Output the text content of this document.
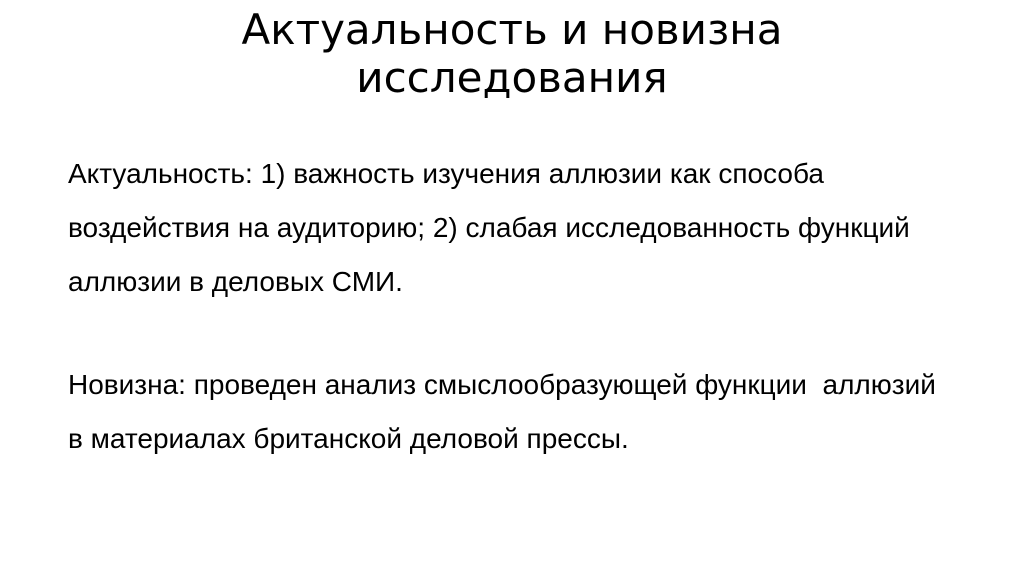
Актуальность и новизна исследования

Актуальность: 1) важность изучения аллюзии как способа воздействия на аудиторию; 2) слабая исследованность функций аллюзии в деловых СМИ.

Новизна: проведен анализ смыслообразующей функции  аллюзий в материалах британской деловой прессы.
